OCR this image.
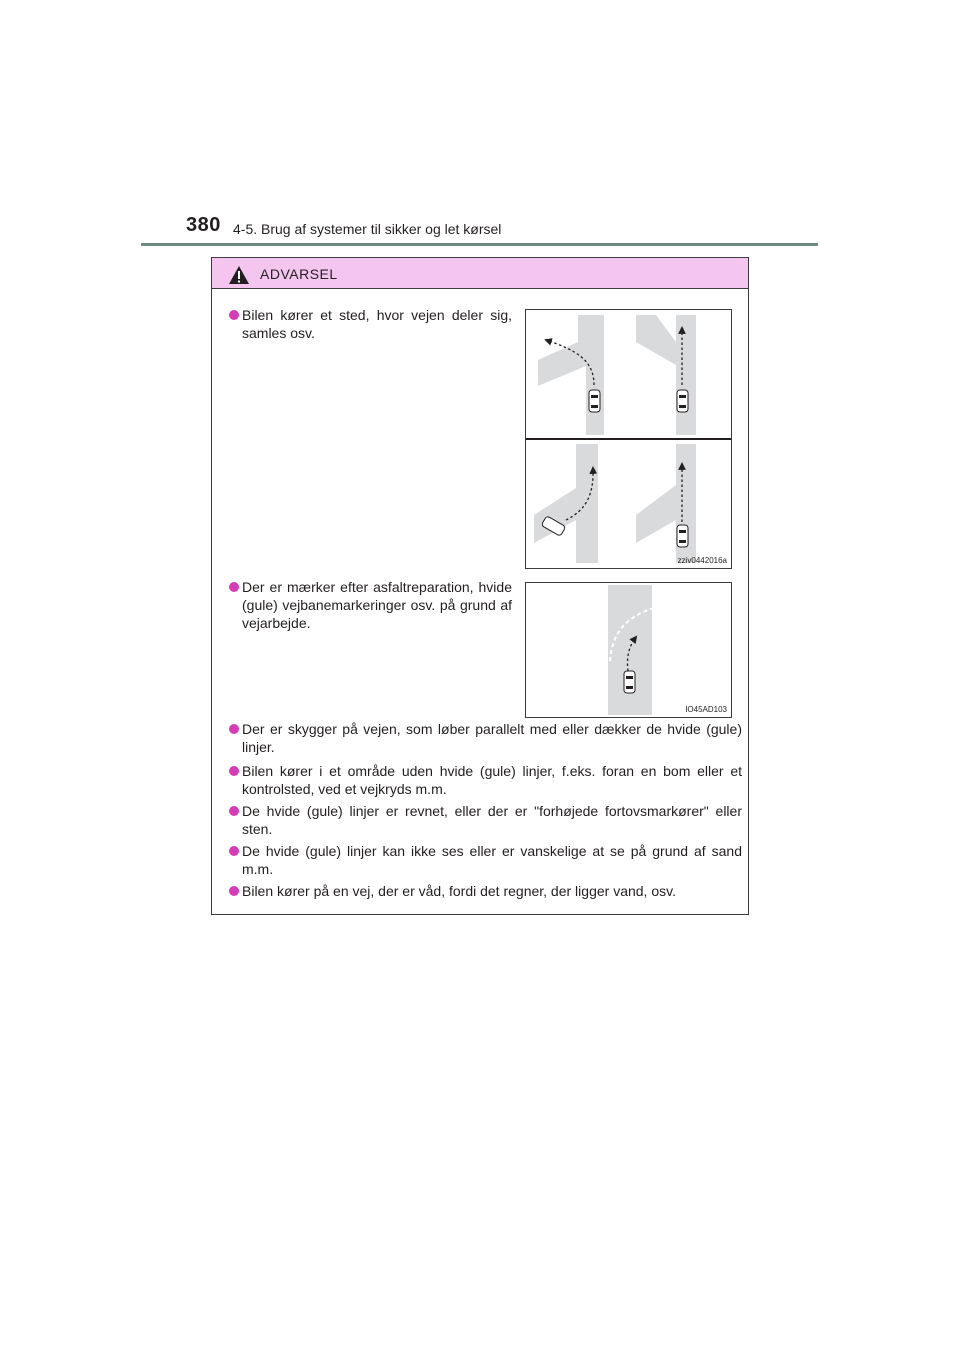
380 4-5. Brug af systemer til sikker og let kørsel
ADVARSEL
Bilen kører et sted, hvor vejen deler sig, samles osv.
zziv0442016a
Der er mærker efter asfaltreparation, hvide (gule) vejbanemarkeringer osv. på grund af vejarbejde.
IO45AD103
Der er skygger på vejen, som løber parallelt med eller dækker de hvide (gule) linjer.
Bilen kører i et område uden hvide (gule) linjer, f.eks. foran en bom eller et kontrolsted, ved et vejkryds m.m.
De hvide (gule) linjer er revnet, eller der er "forhøjede fortovsmarkører" eller sten.
De hvide (gule) linjer kan ikke ses eller er vanskelige at se på grund af sand m.m.
Bilen kører på en vej, der er våd, fordi det regner, der ligger vand, osv.
